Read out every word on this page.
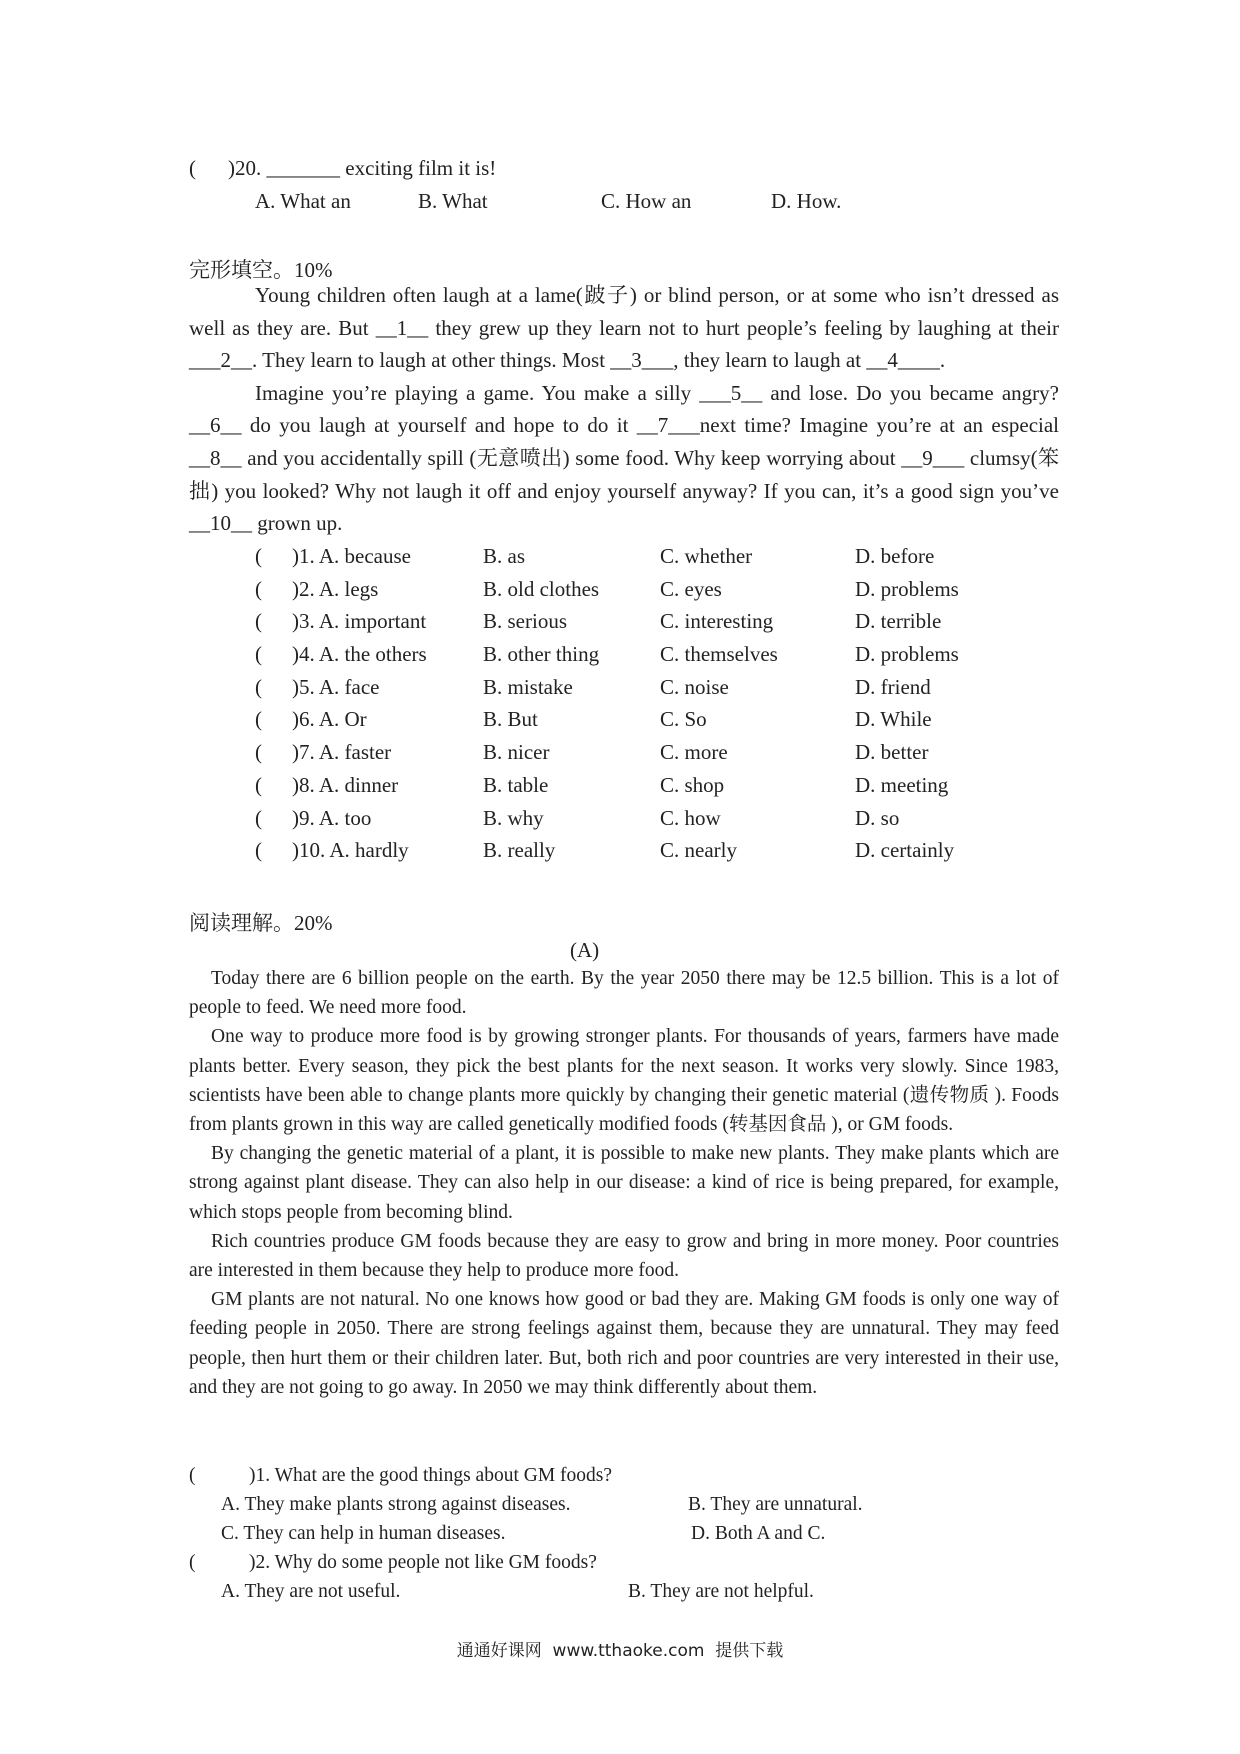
( )20. _______ exciting film it is!
A. What an	B. What	C. How an	D. How.
完形填空。10%

Young children often laugh at a lame(跛子) or blind person, or at some who isn’t dressed as well as they are. But __1__ they grew up they learn not to hurt people’s feeling by laughing at their ___2__. They learn to laugh at other things. Most __3___, they learn to laugh at __4____.

Imagine you’re playing a game. You make a silly ___5__ and lose. Do you became angry? __6__ do you laugh at yourself and hope to do it __7___next time? Imagine you’re at an especial __8__ and you accidentally spill (无意喷出) some food. Why keep worrying about __9___ clumsy(笨拙) you looked? Why not laugh it off and enjoy yourself anyway? If you can, it’s a good sign you’ve __10__ grown up.

( )1. A. because	B. as	C. whether	D. before
( )2. A. legs	B. old clothes	C. eyes	D. problems
( )3. A. important	B. serious	C. interesting	D. terrible
( )4. A. the others	B. other thing	C. themselves	D. problems
( )5. A. face	B. mistake	C. noise	D. friend
( )6. A. Or	B. But	C. So	D. While
( )7. A. faster	B. nicer	C. more	D. better
( )8. A. dinner	B. table	C. shop	D. meeting
( )9. A. too	B. why	C. how	D. so
( )10. A. hardly	B. really	C. nearly	D. certainly
阅读理解。20%
(A)

Today there are 6 billion people on the earth. By the year 2050 there may be 12.5 billion. This is a lot of people to feed. We need more food.

One way to produce more food is by growing stronger plants. For thousands of years, farmers have made plants better. Every season, they pick the best plants for the next season. It works very slowly. Since 1983, scientists have been able to change plants more quickly by changing their genetic material (遗传物质 ). Foods from plants grown in this way are called genetically modified foods (转基因食品 ), or GM foods.

By changing the genetic material of a plant, it is possible to make new plants. They make plants which are strong against plant disease. They can also help in our disease: a kind of rice is being prepared, for example, which stops people from becoming blind.

Rich countries produce GM foods because they are easy to grow and bring in more money. Poor countries are interested in them because they help to produce more food.

GM plants are not natural. No one knows how good or bad they are. Making GM foods is only one way of feeding people in 2050. There are strong feelings against them, because they are unnatural. They may feed people, then hurt them or their children later. But, both rich and poor countries are very interested in their use, and they are not going to go away. In 2050 we may think differently about them.

(	)1. What are the good things about GM foods?
A. They make plants strong against diseases.	B. They are unnatural.
C. They can help in human diseases.	D. Both A and C.
(	)2. Why do some people not like GM foods?
A. They are not useful.	B. They are not helpful.
通通好课网  www.tthaoke.com  提供下载
